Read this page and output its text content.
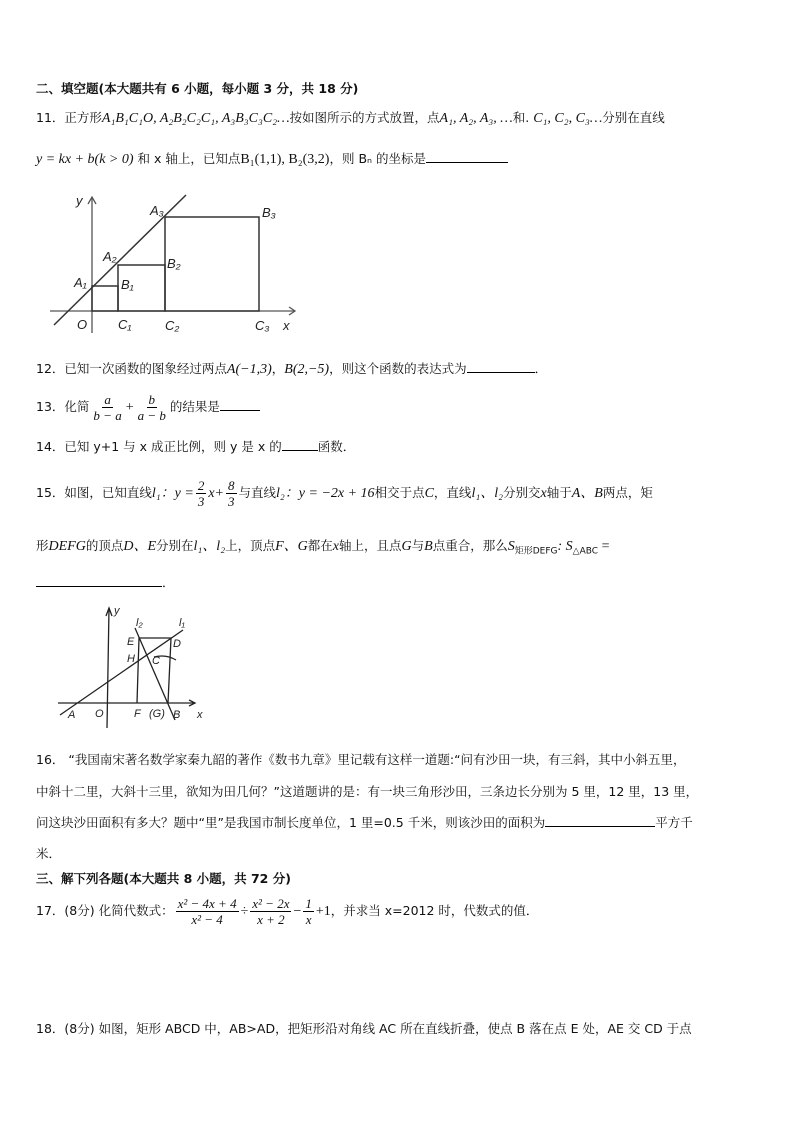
二、填空题(本大题共有 6 小题，每小题 3 分，共 18 分)
11．正方形A₁B₁C₁O, A₂B₂C₂C₁, A₃B₃C₃C₂…按如图所示的方式放置，点A₁, A₂, A₃, …和. C₁, C₂, C₃…分别在直线
y = kx + b(k > 0) 和 x 轴上，已知点B₁(1,1), B₂(3,2)，则 Bₙ 的坐标是
y
x
O
A₁
A₂
A₃
B₁
B₂
B₃
C₁	C₂	C₃
12．已知一次函数的图象经过两点A(−1,3)，B(2,−5)，则这个函数的表达式为	．
13．化简 $\frac{a}{b - a} + \frac{b}{a - b}$ 的结果是
14．已知 y+1 与 x 成正比例，则 y 是 x 的	函数．
15．如图，已知直线l₁：$y = \frac{2}{3} x+ \frac{8}{3}$ 与直线l₂：y = −2x + 16相交于点C，直线l₁、l₂分别交x轴于A、B两点，矩
形DEFG的顶点D、E分别在l₁、l₂上，顶点F、G都在x轴上，且点G与B点重合，那么$S_{矩形DEFG}$: $S_{\triangle ABC}$ =
．
y
x
O
A	B
C
D
E
F (G)
H
l₁
l₂
16． “我国南宋著名数学家秦九韶的著作《数书九章》里记载有这样一道题:“问有沙田一块，有三斜，其中小斜五里，
中斜十二里，大斜十三里，欲知为田几何？”这道题讲的是：有一块三角形沙田，三条边长分别为 5 里，12 里，13 里，
问这块沙田面积有多大？题中“里”是我国市制长度单位，1 里=0.5 千米，则该沙田的面积为	平方千
米．
三、解下列各题(本大题共 8 小题，共 72 分)
17．(8分) 化简代数式： $\frac{\text{x² − 4x + 4}}{\text{x² − 4}} \div \frac{\text{x² − 2x}}{x + 2} - \frac{1}{x} +1$，并求当 x=2012 时，代数式的值．
18．(8分) 如图，矩形 ABCD 中，AB>AD，把矩形沿对角线 AC 所在直线折叠，使点 B 落在点 E 处，AE 交 CD 于点
